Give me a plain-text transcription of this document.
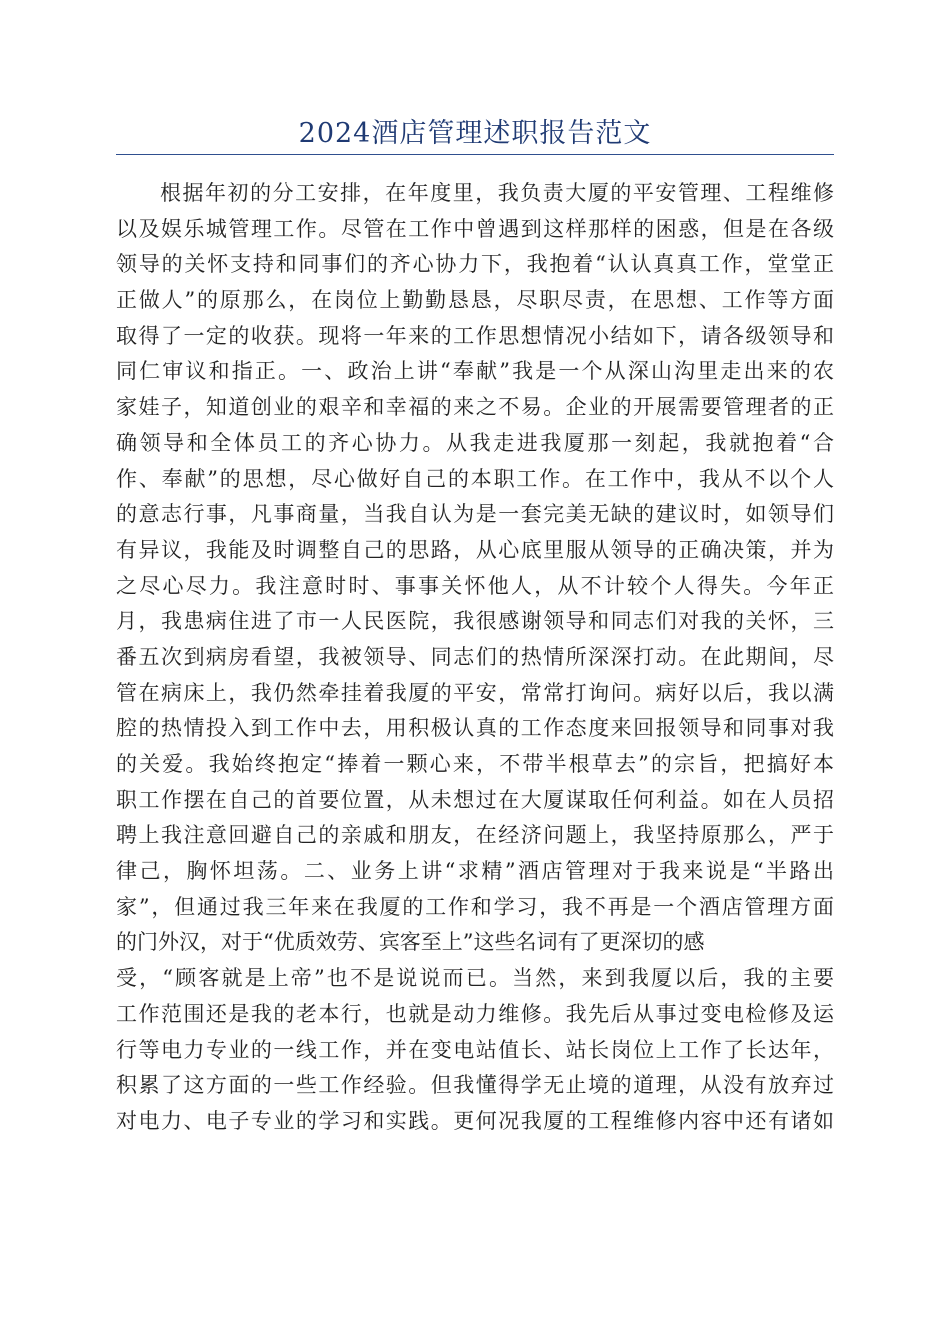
2024酒店管理述职报告范文
根据年初的分工安排，在年度里，我负责大厦的平安管理、工程维修
以及娱乐城管理工作。尽管在工作中曾遇到这样那样的困惑，但是在各级
领导的关怀支持和同事们的齐心协力下，我抱着“认认真真工作，堂堂正
正做人”的原那么，在岗位上勤勤恳恳，尽职尽责，在思想、工作等方面
取得了一定的收获。现将一年来的工作思想情况小结如下，请各级领导和
同仁审议和指正。一、政治上讲“奉献”我是一个从深山沟里走出来的农
家娃子，知道创业的艰辛和幸福的来之不易。企业的开展需要管理者的正
确领导和全体员工的齐心协力。从我走进我厦那一刻起，我就抱着“合
作、奉献”的思想，尽心做好自己的本职工作。在工作中，我从不以个人
的意志行事，凡事商量，当我自认为是一套完美无缺的建议时，如领导们
有异议，我能及时调整自己的思路，从心底里服从领导的正确决策，并为
之尽心尽力。我注意时时、事事关怀他人，从不计较个人得失。今年正
月，我患病住进了市一人民医院，我很感谢领导和同志们对我的关怀，三
番五次到病房看望，我被领导、同志们的热情所深深打动。在此期间，尽
管在病床上，我仍然牵挂着我厦的平安，常常打询问。病好以后，我以满
腔的热情投入到工作中去，用积极认真的工作态度来回报领导和同事对我
的关爱。我始终抱定“捧着一颗心来，不带半根草去”的宗旨，把搞好本
职工作摆在自己的首要位置，从未想过在大厦谋取任何利益。如在人员招
聘上我注意回避自己的亲戚和朋友，在经济问题上，我坚持原那么，严于
律己，胸怀坦荡。二、业务上讲“求精”酒店管理对于我来说是“半路出
家”，但通过我三年来在我厦的工作和学习，我不再是一个酒店管理方面
的门外汉，对于“优质效劳、宾客至上”这些名词有了更深切的感
受，“顾客就是上帝”也不是说说而已。当然，来到我厦以后，我的主要
工作范围还是我的老本行，也就是动力维修。我先后从事过变电检修及运
行等电力专业的一线工作，并在变电站值长、站长岗位上工作了长达年，
积累了这方面的一些工作经验。但我懂得学无止境的道理，从没有放弃过
对电力、电子专业的学习和实践。更何况我厦的工程维修内容中还有诸如
